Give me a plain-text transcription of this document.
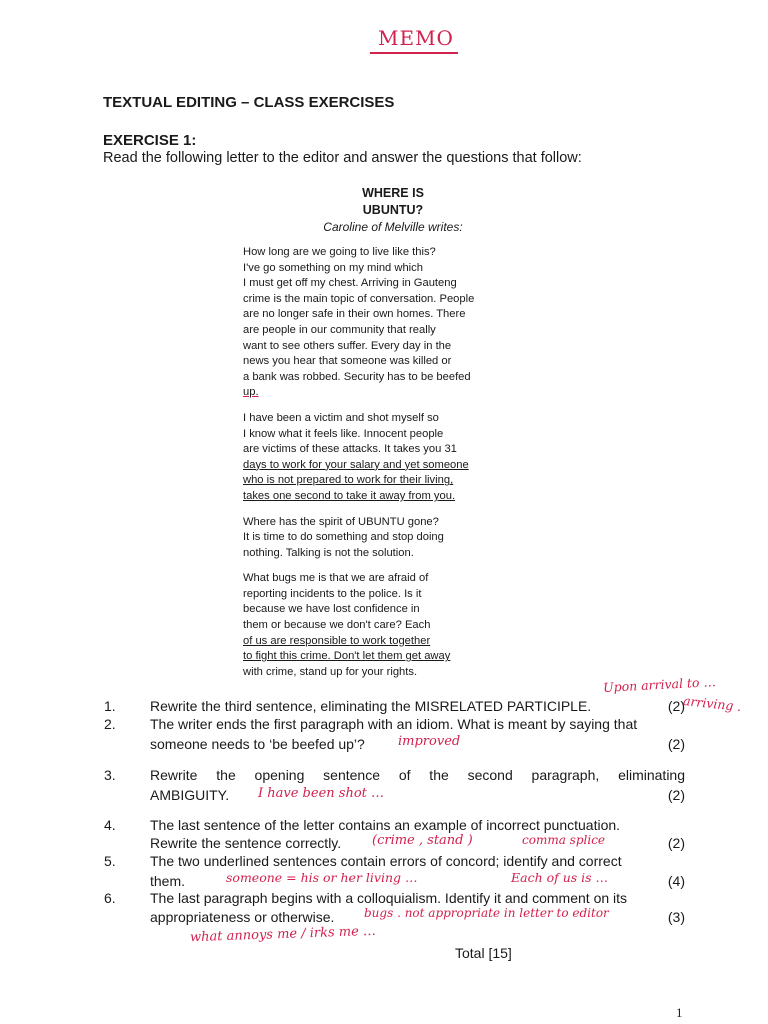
MEMO
TEXTUAL EDITING – CLASS EXERCISES
EXERCISE 1:
Read the following letter to the editor and answer the questions that follow:
WHERE IS
UBUNTU?
Caroline of Melville writes:
How long are we going to live like this?
I've go something on my mind which
I must get off my chest. Arriving in Gauteng
crime is the main topic of conversation. People
are no longer safe in their own homes. There
are people in our community that really
want to see others suffer. Every day in the
news you hear that someone was killed or
a bank was robbed. Security has to be beefed
up.
I have been a victim and shot myself so
I know what it feels like. Innocent people
are victims of these attacks. It takes you 31
days to work for your salary and yet someone
who is not prepared to work for their living,
takes one second to take it away from you.
Where has the spirit of UBUNTU gone?
It is time to do something and stop doing
nothing. Talking is not the solution.
What bugs me is that we are afraid of
reporting incidents to the police. Is it
because we have lost confidence in
them or because we don't care? Each
of us are responsible to work together
to fight this crime. Don't let them get away
with crime, stand up for your rights.
1.	Rewrite the third sentence, eliminating the MISRELATED PARTICIPLE.	(2)
2.	The writer ends the first paragraph with an idiom. What is meant by saying that
someone needs to ‘be beefed up’?	(2)
3.	Rewrite the opening sentence of the second paragraph, eliminating
AMBIGUITY.	(2)
4.	The last sentence of the letter contains an example of incorrect punctuation.
Rewrite the sentence correctly.	(2)
5.	The two underlined sentences contain errors of concord; identify and correct
them.	(4)
6.	The last paragraph begins with a colloquialism. Identify it and comment on its
appropriateness or otherwise.	(3)
Upon arrival to …
arriving .
improved
I have been shot …
(crime , stand )	comma splice
someone = his or her living …	Each of us is …
bugs . not appropriate in letter to editor
what annoys me / irks me …
Total [15]
1
